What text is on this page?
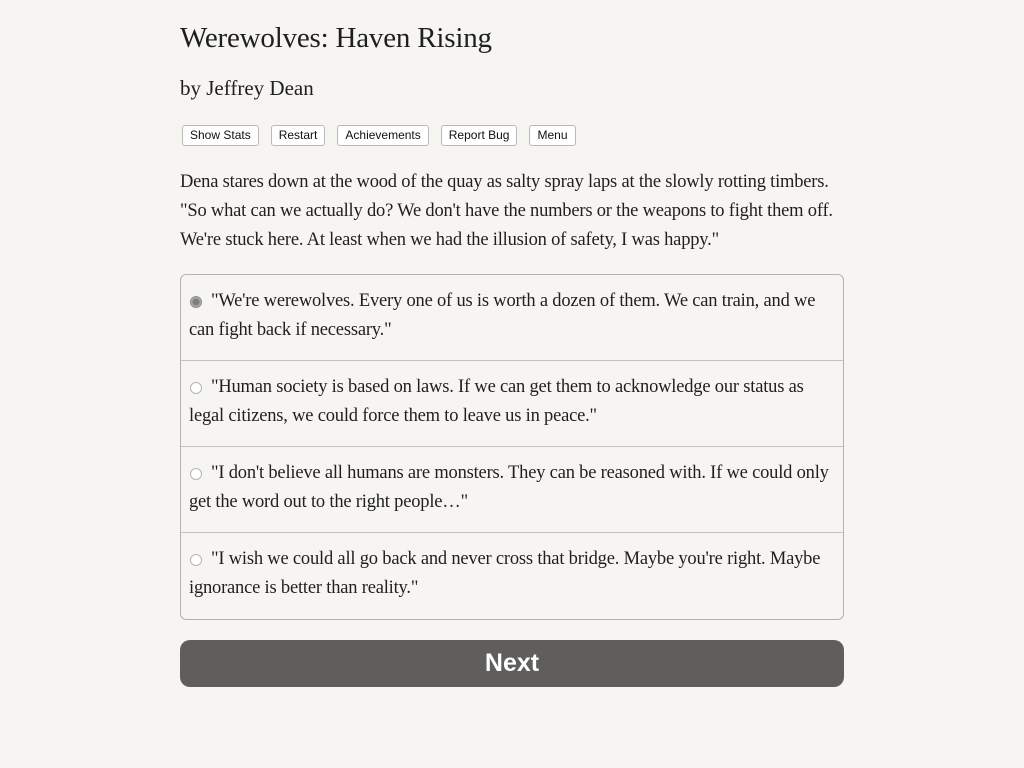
Werewolves: Haven Rising
by Jeffrey Dean
Show Stats	Restart	Achievements	Report Bug	Menu

Dena stares down at the wood of the quay as salty spray laps at the slowly rotting timbers. "So what can we actually do? We don't have the numbers or the weapons to fight them off. We're stuck here. At least when we had the illusion of safety, I was happy."

"We're werewolves. Every one of us is worth a dozen of them. We can train, and we can fight back if necessary."
"Human society is based on laws. If we can get them to acknowledge our status as legal citizens, we could force them to leave us in peace."
"I don't believe all humans are monsters. They can be reasoned with. If we could only get the word out to the right people…"
"I wish we could all go back and never cross that bridge. Maybe you're right. Maybe ignorance is better than reality."
Next
